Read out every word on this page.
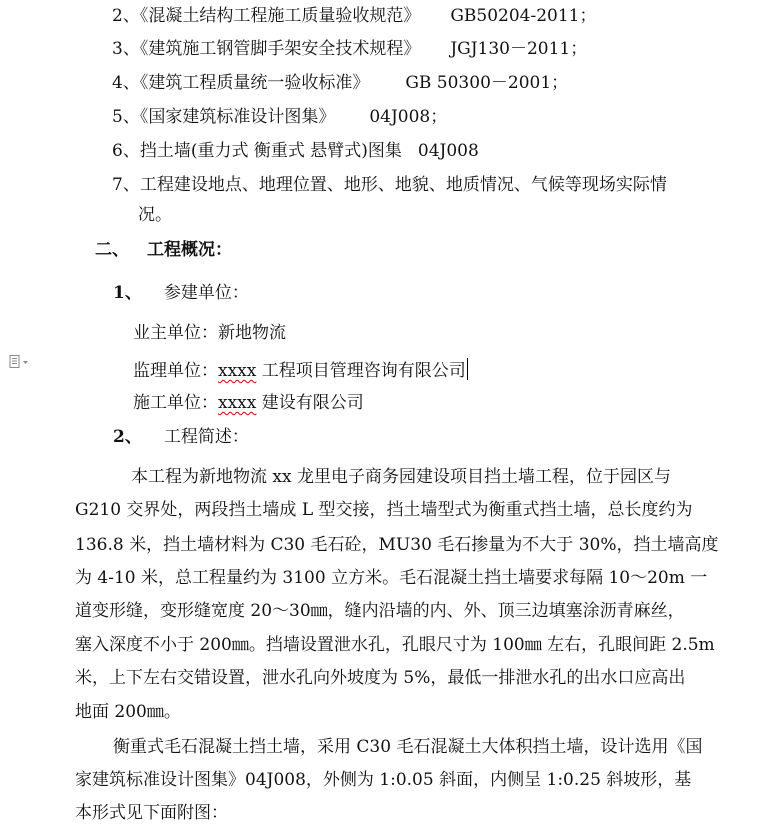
2、《混凝土结构工程施工质量验收规范》 GB50204-2011；
3、《建筑施工钢管脚手架安全技术规程》 JGJ130－2011；
4、《建筑工程质量统一验收标准》 GB 50300－2001；
5、《国家建筑标准设计图集》 04J008；
6、挡土墙(重力式 衡重式 悬臂式)图集 04J008
7、工程建设地点、地理位置、地形、地貌、地质情况、气候等现场实际情
况。
二、 工程概况：
1、 参建单位：
业主单位：新地物流
监理单位：xxxx 工程项目管理咨询有限公司
施工单位：xxxx 建设有限公司
2、 工程简述：
本工程为新地物流 xx 龙里电子商务园建设项目挡土墙工程，位于园区与
G210 交界处，两段挡土墙成 L 型交接，挡土墙型式为衡重式挡土墙，总长度约为
136.8 米，挡土墙材料为 C30 毛石砼，MU30 毛石掺量为不大于 30%，挡土墙高度
为 4-10 米，总工程量约为 3100 立方米。毛石混凝土挡土墙要求每隔 10～20m 一
道变形缝，变形缝宽度 20～30㎜，缝内沿墙的内、外、顶三边填塞涂沥青麻丝，
塞入深度不小于 200㎜。挡墙设置泄水孔，孔眼尺寸为 100㎜ 左右，孔眼间距 2.5m
米，上下左右交错设置，泄水孔向外坡度为 5%，最低一排泄水孔的出水口应高出
地面 200㎜。
衡重式毛石混凝土挡土墙，采用 C30 毛石混凝土大体积挡土墙，设计选用《国
家建筑标准设计图集》04J008，外侧为 1:0.05 斜面，内侧呈 1:0.25 斜坡形，基
本形式见下面附图：
